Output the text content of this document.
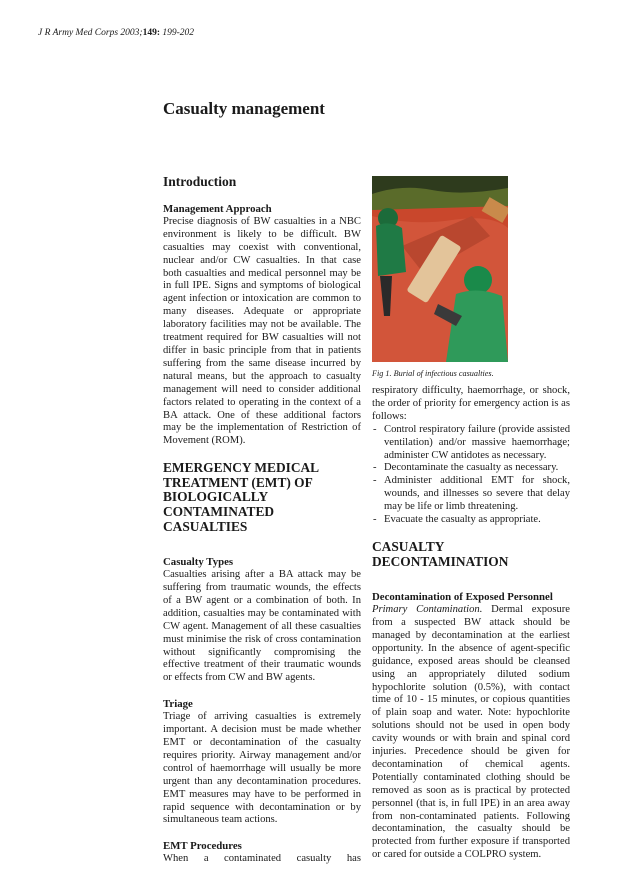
J R Army Med Corps 2003;149: 199-202
Casualty management
Introduction
Management Approach

Precise diagnosis of BW casualties in a NBC environment is likely to be difficult. BW casualties may coexist with conventional, nuclear and/or CW casualties. In that case both casualties and medical personnel may be in full IPE. Signs and symptoms of biological agent infection or intoxication are common to many diseases. Adequate or appropriate laboratory facilities may not be available. The treatment required for BW casualties will not differ in basic principle from that in patients suffering from the same disease incurred by natural means, but the approach to casualty management will need to consider additional factors related to operating in the context of a BA attack. One of these additional factors may be the implementation of Restriction of Movement (ROM).

EMERGENCY MEDICAL TREATMENT (EMT) OF BIOLOGICALLY CONTAMINATED CASUALTIES
Casualty Types

Casualties arising after a BA attack may be suffering from traumatic wounds, the effects of a BW agent or a combination of both. In addition, casualties may be contaminated with CW agent. Management of all these casualties must minimise the risk of cross contamination without significantly compromising the effective treatment of their traumatic wounds or effects from CW and BW agents.

Triage

Triage of arriving casualties is extremely important. A decision must be made whether EMT or decontamination of the casualty requires priority. Airway management and/or control of haemorrhage will usually be more urgent than any decontamination procedures. EMT measures may have to be performed in rapid sequence with decontamination or by simultaneous team actions.

EMT Procedures

When a contaminated casualty has

Fig 1. Burial of infectious casualties.

respiratory difficulty, haemorrhage, or shock, the order of priority for emergency action is as follows:

- Control respiratory failure (provide assisted ventilation) and/or massive haemorrhage; administer CW antidotes as necessary.
- Decontaminate the casualty as necessary.
- Administer additional EMT for shock, wounds, and illnesses so severe that delay may be life or limb threatening.
- Evacuate the casualty as appropriate.
CASUALTY DECONTAMINATION
Decontamination of Exposed Personnel

Primary Contamination. Dermal exposure from a suspected BW attack should be managed by decontamination at the earliest opportunity. In the absence of agent-specific guidance, exposed areas should be cleansed using an appropriately diluted sodium hypochlorite solution (0.5%), with contact time of 10 - 15 minutes, or copious quantities of plain soap and water. Note: hypochlorite solutions should not be used in open body cavity wounds or with brain and spinal cord injuries. Precedence should be given for decontamination of chemical agents. Potentially contaminated clothing should be removed as soon as is practical by protected personnel (that is, in full IPE) in an area away from non-contaminated patients. Following decontamination, the casualty should be protected from further exposure if transported or cared for outside a COLPRO system.
